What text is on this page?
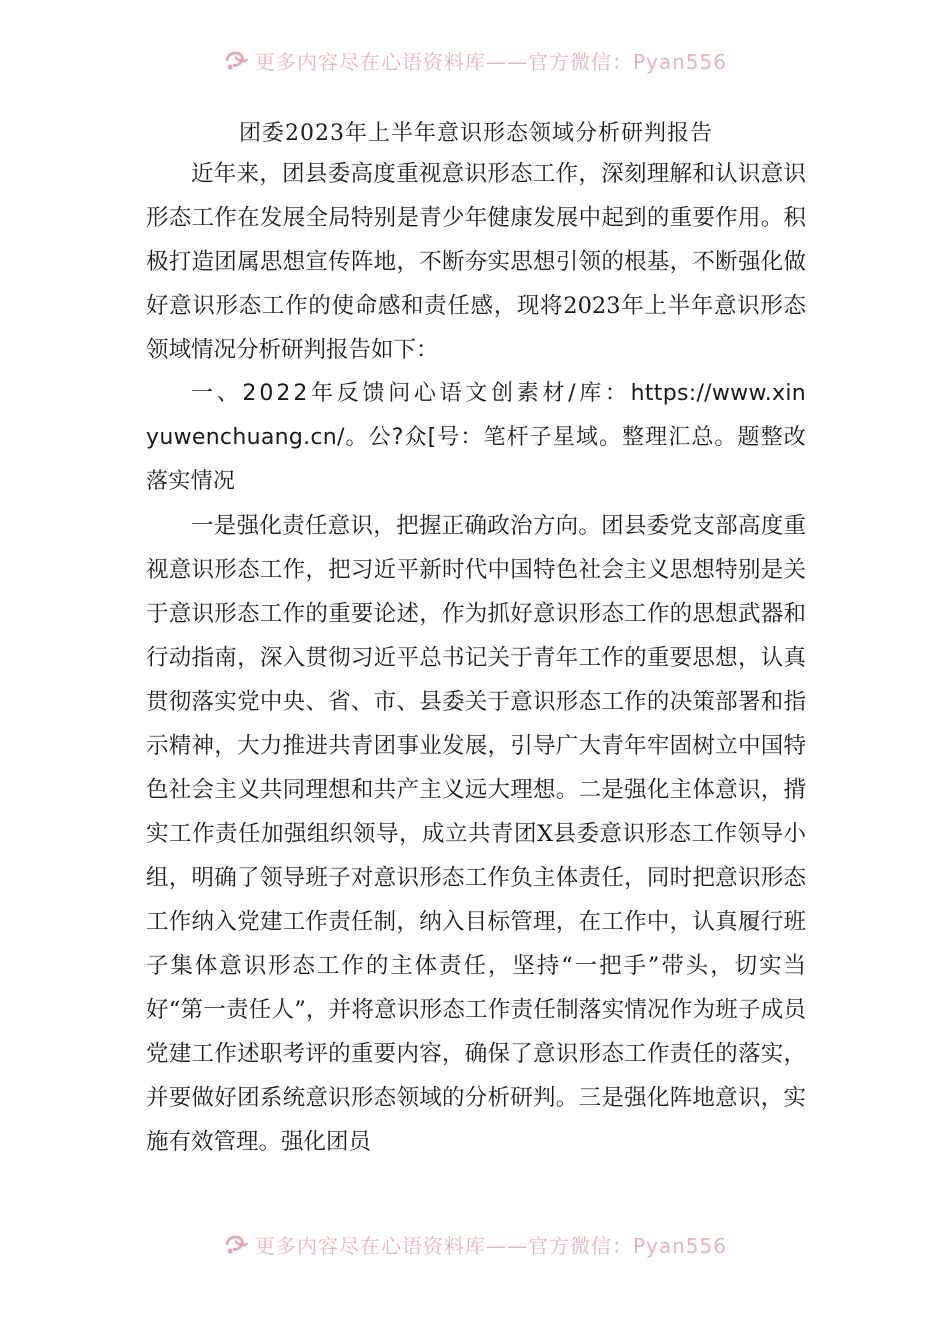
更多内容尽在心语资料库——官方微信：Pyan556
团委2023年上半年意识形态领域分析研判报告

近年来，团县委高度重视意识形态工作，深刻理解和认识意识形态工作在发展全局特别是青少年健康发展中起到的重要作用。积极打造团属思想宣传阵地，不断夯实思想引领的根基，不断强化做好意识形态工作的使命感和责任感，现将2023年上半年意识形态领域情况分析研判报告如下：

一、2022年反馈问心语文创素材/库：https://www.xinyuwenchuang.cn/。公?众[号：笔杆子星域。整理汇总。题整改落实情况

一是强化责任意识，把握正确政治方向。团县委党支部高度重视意识形态工作，把习近平新时代中国特色社会主义思想特别是关于意识形态工作的重要论述，作为抓好意识形态工作的思想武器和行动指南，深入贯彻习近平总书记关于青年工作的重要思想，认真贯彻落实党中央、省、市、县委关于意识形态工作的决策部署和指示精神，大力推进共青团事业发展，引导广大青年牢固树立中国特色社会主义共同理想和共产主义远大理想。二是强化主体意识，揹实工作责任加强组织领导，成立共青团X县委意识形态工作领导小组，明确了领导班子对意识形态工作负主体责任，同时把意识形态工作纳入党建工作责任制，纳入目标管理，在工作中，认真履行班子集体意识形态工作的主体责任，坚持“一把手”带头，切实当好“第一责任人”，并将意识形态工作责任制落实情况作为班子成员党建工作述职考评的重要内容，确保了意识形态工作责任的落实，并要做好团系统意识形态领域的分析研判。三是强化阵地意识，实施有效管理。强化团员

更多内容尽在心语资料库——官方微信：Pyan556
